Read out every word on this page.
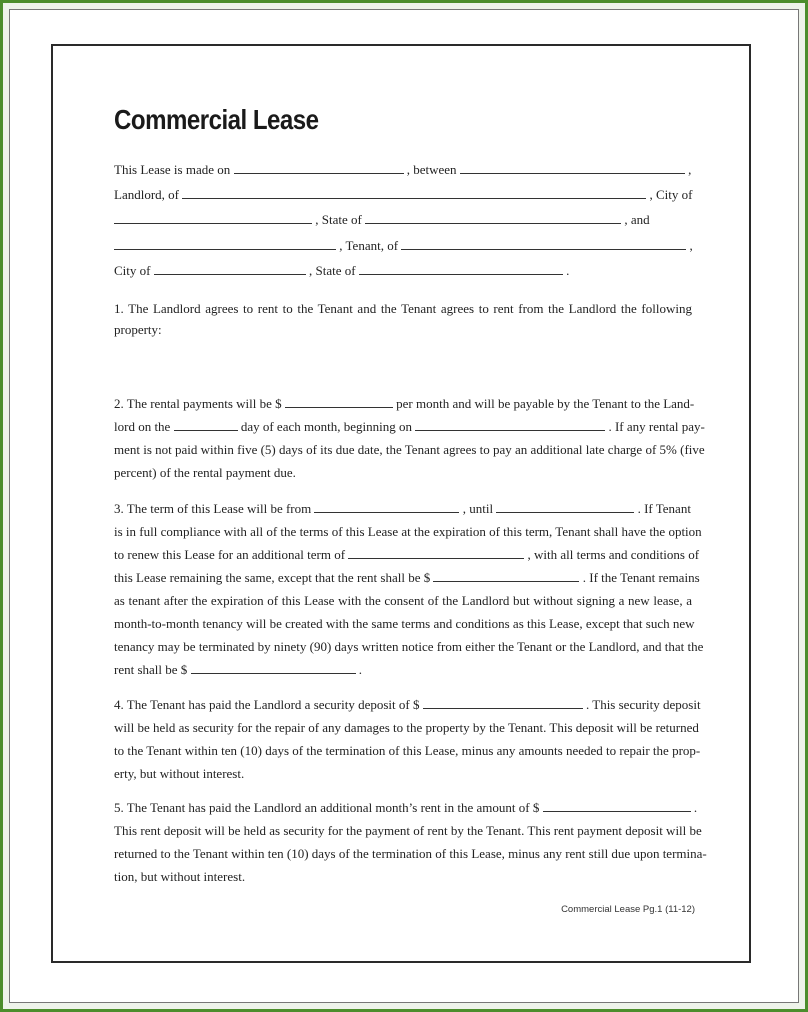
Commercial Lease
This Lease is made on	, between	,
Landlord, of	, City of
, State of	, and
, Tenant, of	,
City of	, State of	.
1. The Landlord agrees to rent to the Tenant and the Tenant agrees to rent from the Landlord the following
property:
2. The rental payments will be $	per month and will be payable by the Tenant to the Land-
lord on the	day of each month, beginning on	. If any rental pay-
ment is not paid within five (5) days of its due date, the Tenant agrees to pay an additional late charge of 5% (five
percent) of the rental payment due.
3. The term of this Lease will be from	, until	. If Tenant
is in full compliance with all of the terms of this Lease at the expiration of this term, Tenant shall have the option
to renew this Lease for an additional term of	, with all terms and conditions of
this Lease remaining the same, except that the rent shall be $	. If the Tenant remains
as tenant after the expiration of this Lease with the consent of the Landlord but without signing a new lease, a
month-to-month tenancy will be created with the same terms and conditions as this Lease, except that such new
tenancy may be terminated by ninety (90) days written notice from either the Tenant or the Landlord, and that the
rent shall be $	.
4. The Tenant has paid the Landlord a security deposit of $	. This security deposit
will be held as security for the repair of any damages to the property by the Tenant. This deposit will be returned
to the Tenant within ten (10) days of the termination of this Lease, minus any amounts needed to repair the prop-
erty, but without interest.
5. The Tenant has paid the Landlord an additional month’s rent in the amount of $	.
This rent deposit will be held as security for the payment of rent by the Tenant. This rent payment deposit will be
returned to the Tenant within ten (10) days of the termination of this Lease, minus any rent still due upon termina-
tion, but without interest.
Commercial Lease Pg.1 (11-12)
